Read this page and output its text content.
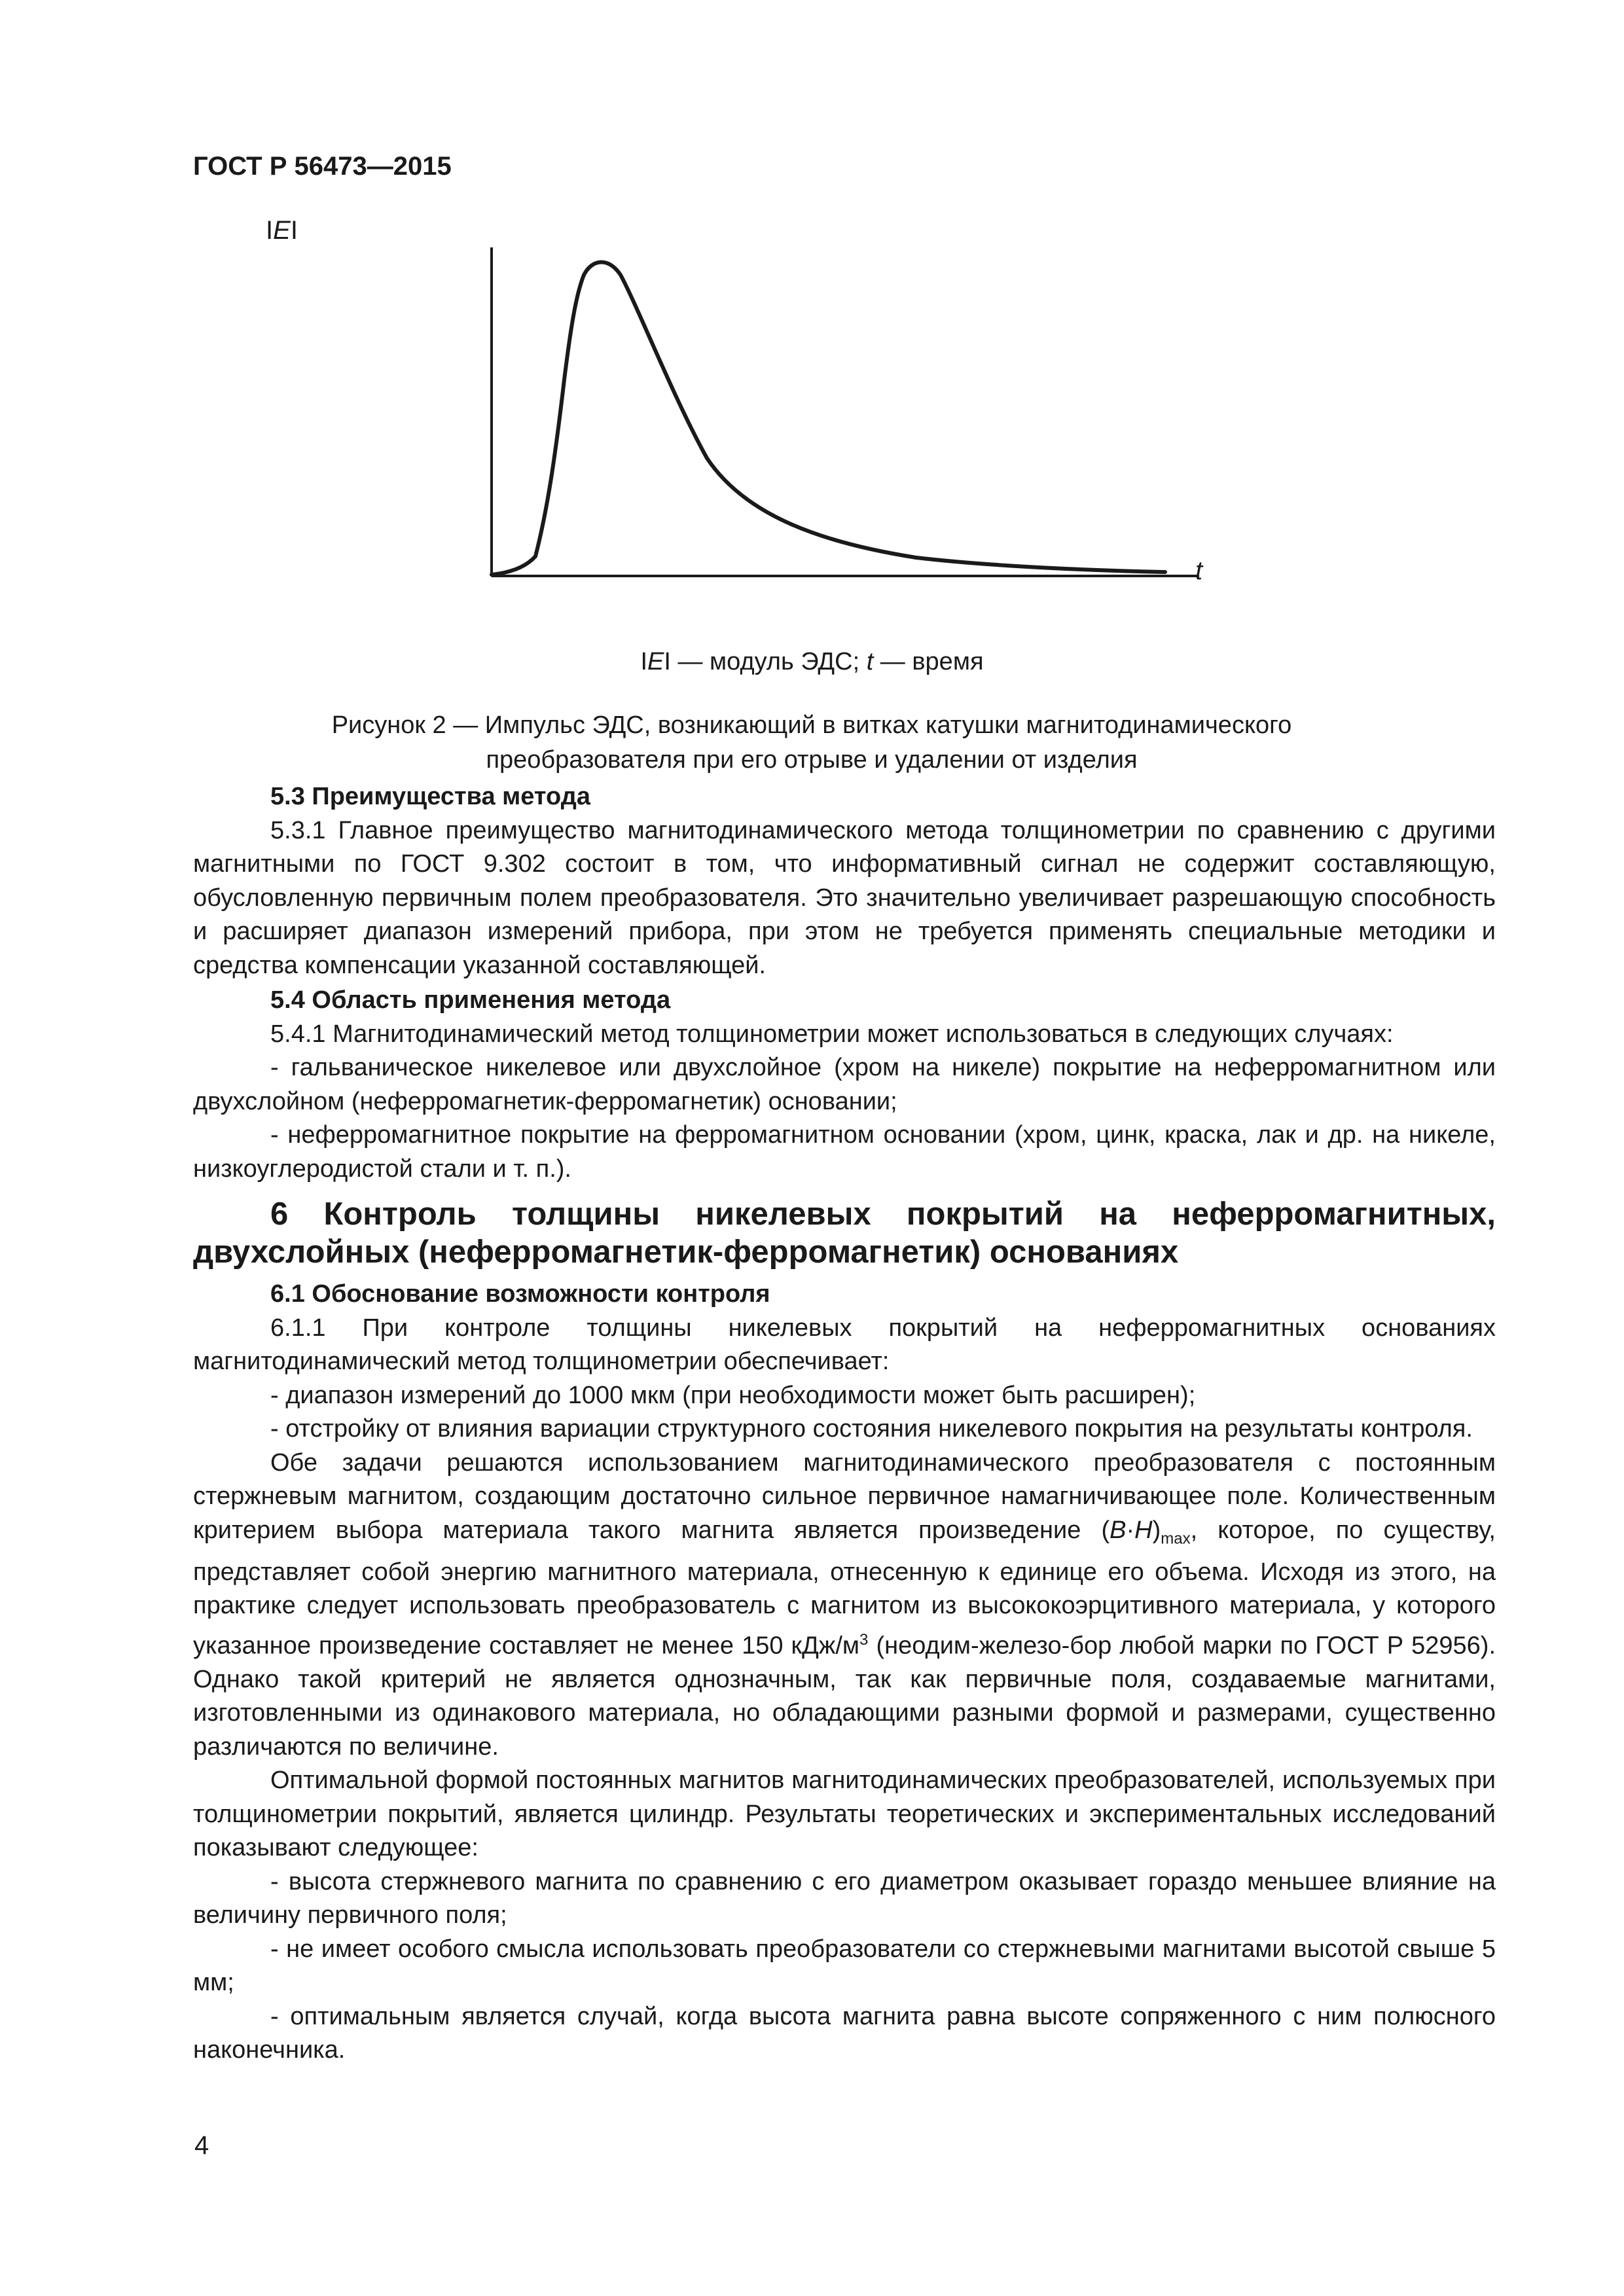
ГОСТ Р 56473—2015
IEI
t
IEI — модуль ЭДС; t — время
Рисунок 2 — Импульс ЭДС, возникающий в витках катушки магнитодинамического
преобразователя при его отрыве и удалении от изделия
5.3 Преимущества метода

5.3.1 Главное преимущество магнитодинамического метода толщинометрии по сравнению с другими магнитными по ГОСТ 9.302 состоит в том, что информативный сигнал не содержит составляющую, обусловленную первичным полем преобразователя. Это значительно увеличивает разрешающую способность и расширяет диапазон измерений прибора, при этом не требуется применять специальные методики и средства компенсации указанной составляющей.

5.4 Область применения метода

5.4.1 Магнитодинамический метод толщинометрии может использоваться в следующих случаях:

- гальваническое никелевое или двухслойное (хром на никеле) покрытие на неферромагнитном или двухслойном (неферромагнетик-ферромагнетик) основании;

- неферромагнитное покрытие на ферромагнитном основании (хром, цинк, краска, лак и др. на никеле, низкоуглеродистой стали и т. п.).

6 Контроль толщины никелевых покрытий на неферромагнитных, двухслойных (неферромагнетик-ферромагнетик) основаниях
6.1 Обоснование возможности контроля

6.1.1 При контроле толщины никелевых покрытий на неферромагнитных основаниях магнитодинамический метод толщинометрии обеспечивает:

- диапазон измерений до 1000 мкм (при необходимости может быть расширен);

- отстройку от влияния вариации структурного состояния никелевого покрытия на результаты контроля.

Обе задачи решаются использованием магнитодинамического преобразователя с постоянным стержневым магнитом, создающим достаточно сильное первичное намагничивающее поле. Количественным критерием выбора материала такого магнита является произведение $(B\cdot H)_{max}$, которое, по существу, представляет собой энергию магнитного материала, отнесенную к единице его объема. Исходя из этого, на практике следует использовать преобразователь с магнитом из высококоэрцитивного материала, у которого указанное произведение составляет не менее 150 кДж/$м^3$ (неодим-железо-бор любой марки по ГОСТ Р 52956). Однако такой критерий не является однозначным, так как первичные поля, создаваемые магнитами, изготовленными из одинакового материала, но обладающими разными формой и размерами, существенно различаются по величине.

Оптимальной формой постоянных магнитов магнитодинамических преобразователей, используемых при толщинометрии покрытий, является цилиндр. Результаты теоретических и экспериментальных исследований показывают следующее:

- высота стержневого магнита по сравнению с его диаметром оказывает гораздо меньшее влияние на величину первичного поля;

- не имеет особого смысла использовать преобразователи со стержневыми магнитами высотой свыше 5 мм;

- оптимальным является случай, когда высота магнита равна высоте сопряженного с ним полюсного наконечника.

4
